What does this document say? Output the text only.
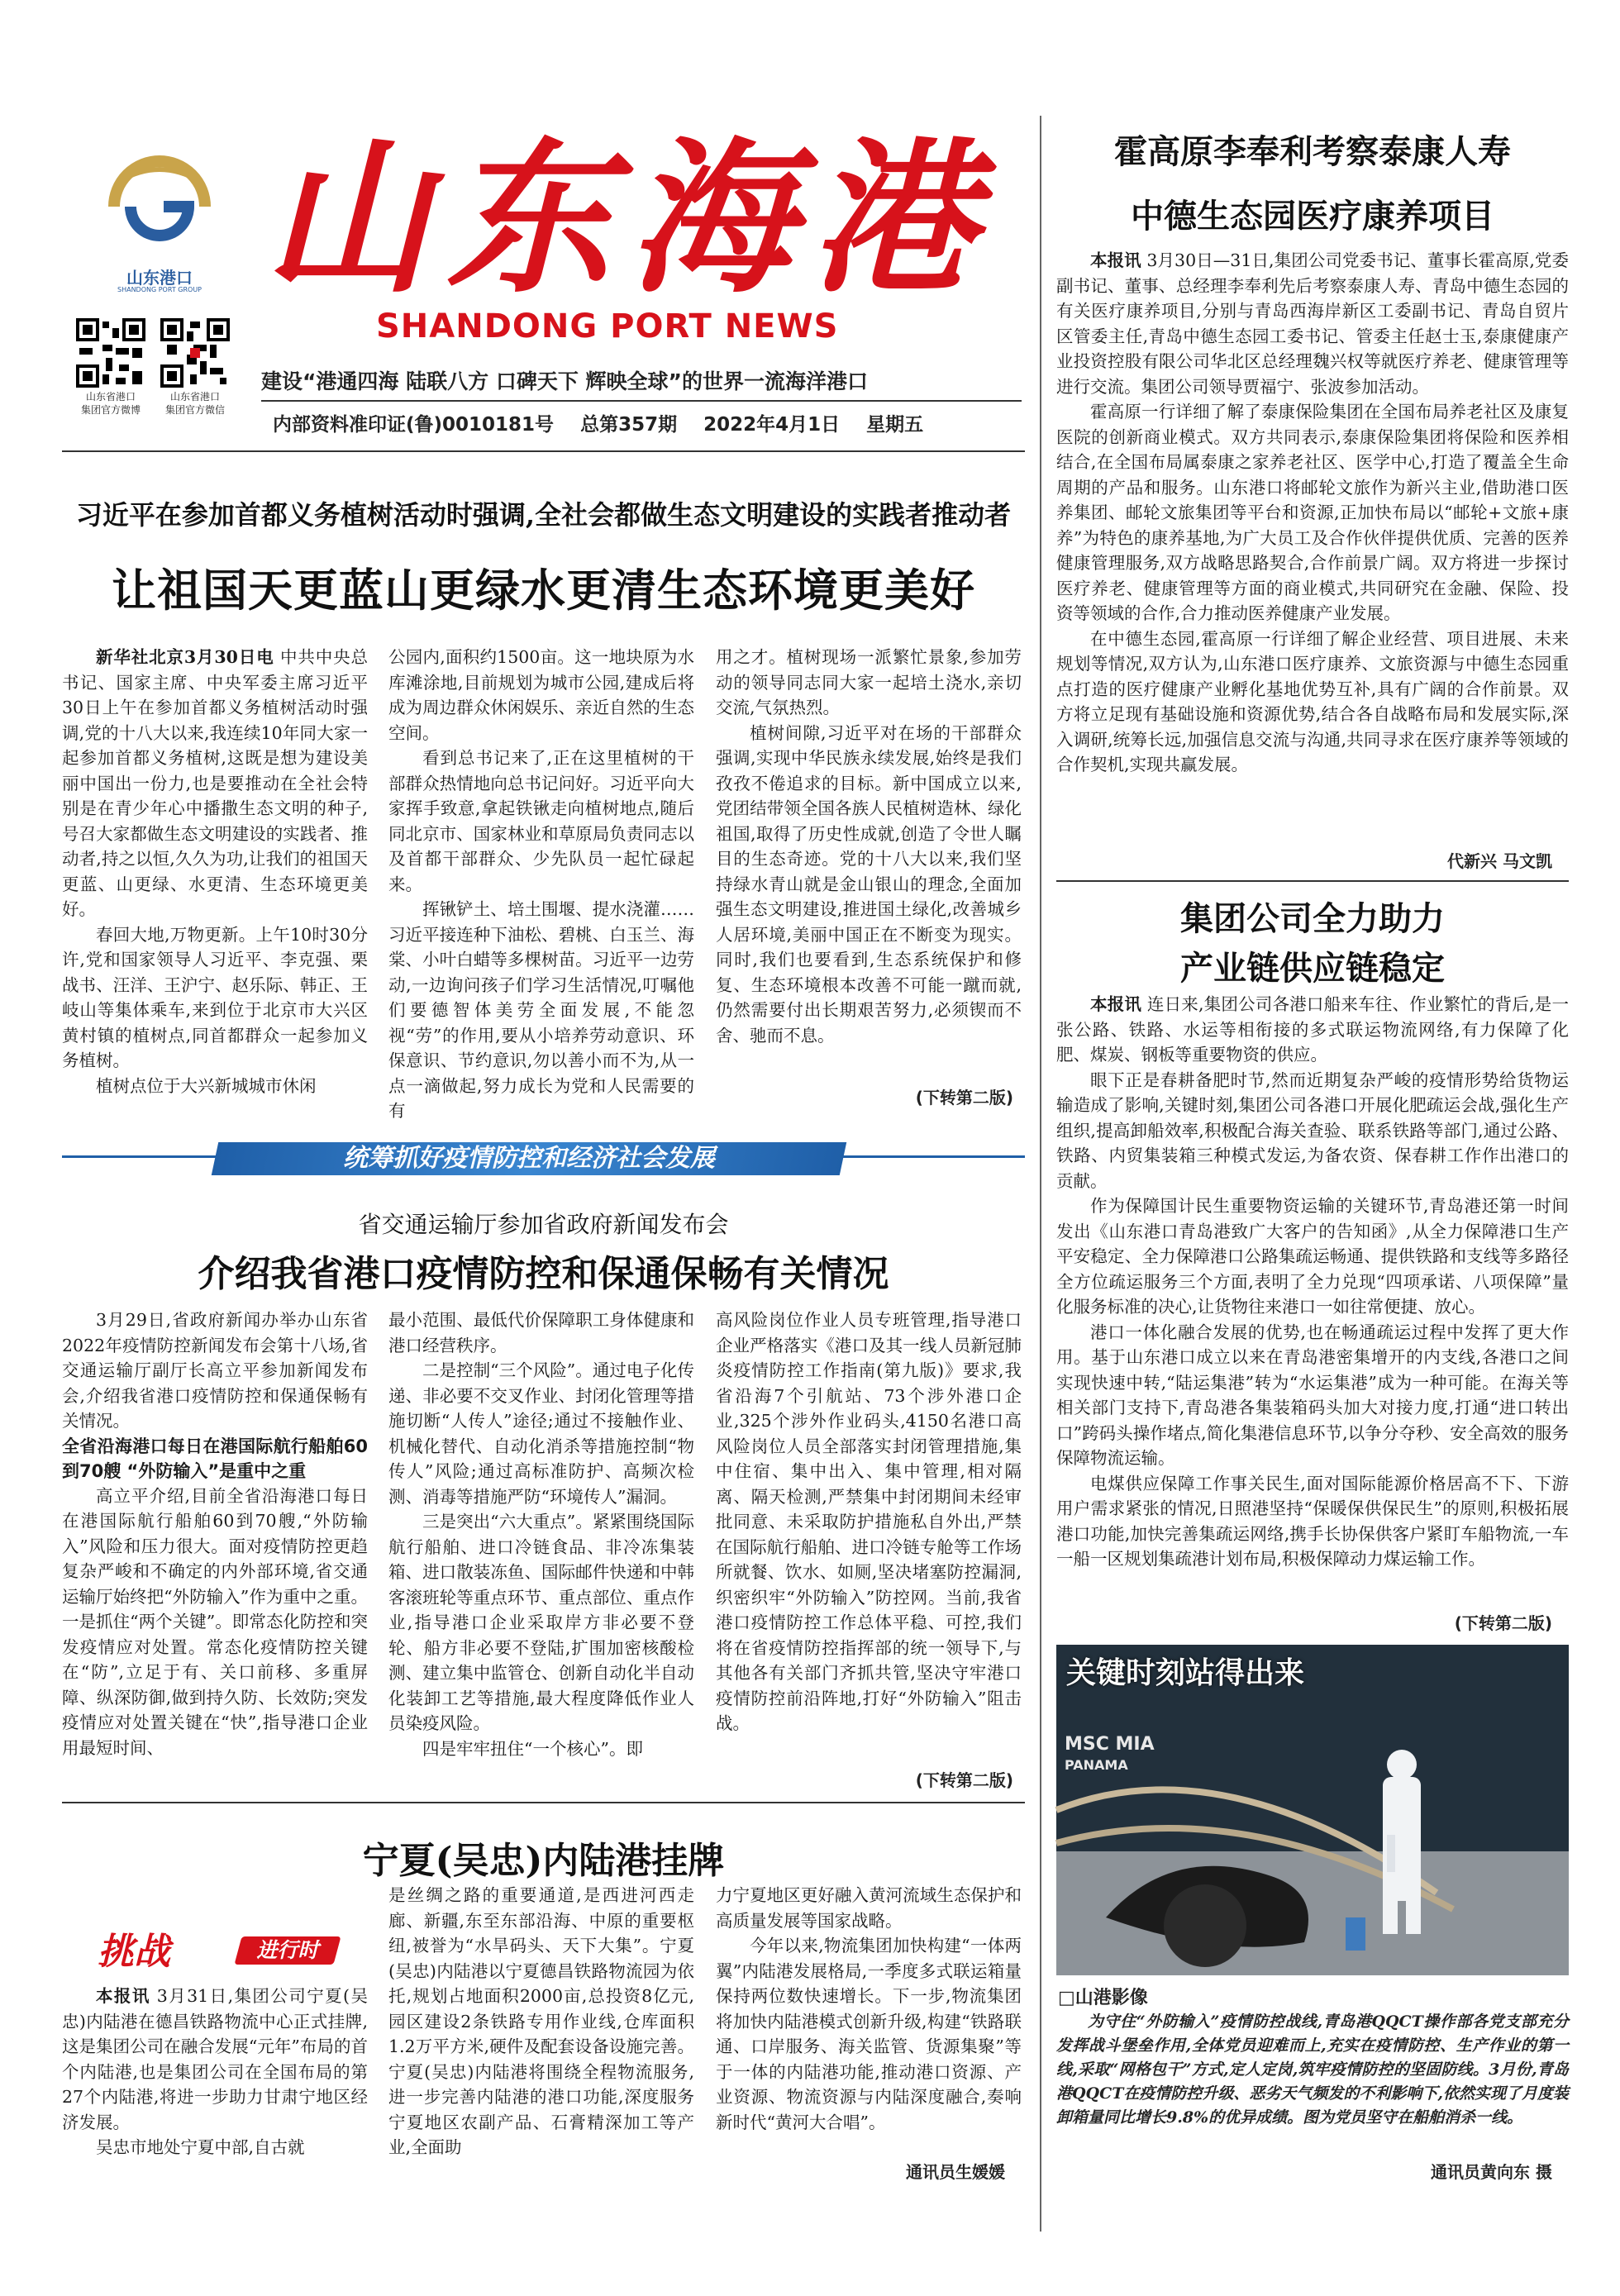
山东港口
SHANDONG PORT GROUP 山东海港
SHANDONG PORT NEWS
山东省港口
集团官方微博
山东省港口
集团官方微信
建设“港通四海 陆联八方 口碑天下 辉映全球”的世界一流海洋港口
内部资料准印证(鲁)0010181号    总第357期    2022年4月1日    星期五
习近平在参加首都义务植树活动时强调,全社会都做生态文明建设的实践者推动者
让祖国天更蓝山更绿水更清生态环境更美好

新华社北京3月30日电 中共中央总书记、国家主席、中央军委主席习近平30日上午在参加首都义务植树活动时强调,党的十八大以来,我连续10年同大家一起参加首都义务植树,这既是想为建设美丽中国出一份力,也是要推动在全社会特别是在青少年心中播撒生态文明的种子,号召大家都做生态文明建设的实践者、推动者,持之以恒,久久为功,让我们的祖国天更蓝、山更绿、水更清、生态环境更美好。

春回大地,万物更新。上午10时30分许,党和国家领导人习近平、李克强、栗战书、汪洋、王沪宁、赵乐际、韩正、王岐山等集体乘车,来到位于北京市大兴区黄村镇的植树点,同首都群众一起参加义务植树。

植树点位于大兴新城城市休闲

公园内,面积约1500亩。这一地块原为水库滩涂地,目前规划为城市公园,建成后将成为周边群众休闲娱乐、亲近自然的生态空间。

看到总书记来了,正在这里植树的干部群众热情地向总书记问好。习近平向大家挥手致意,拿起铁锹走向植树地点,随后同北京市、国家林业和草原局负责同志以及首都干部群众、少先队员一起忙碌起来。

挥锹铲土、培土围堰、提水浇灌……习近平接连种下油松、碧桃、白玉兰、海棠、小叶白蜡等多棵树苗。习近平一边劳动,一边询问孩子们学习生活情况,叮嘱他们要德智体美劳全面发展,不能忽视“劳”的作用,要从小培养劳动意识、环保意识、节约意识,勿以善小而不为,从一点一滴做起,努力成长为党和人民需要的有

用之才。植树现场一派繁忙景象,参加劳动的领导同志同大家一起培土浇水,亲切交流,气氛热烈。

植树间隙,习近平对在场的干部群众强调,实现中华民族永续发展,始终是我们孜孜不倦追求的目标。新中国成立以来,党团结带领全国各族人民植树造林、绿化祖国,取得了历史性成就,创造了令世人瞩目的生态奇迹。党的十八大以来,我们坚持绿水青山就是金山银山的理念,全面加强生态文明建设,推进国土绿化,改善城乡人居环境,美丽中国正在不断变为现实。同时,我们也要看到,生态系统保护和修复、生态环境根本改善不可能一蹴而就,仍然需要付出长期艰苦努力,必须锲而不舍、驰而不息。

(下转第二版)
统筹抓好疫情防控和经济社会发展
省交通运输厅参加省政府新闻发布会
介绍我省港口疫情防控和保通保畅有关情况

3月29日,省政府新闻办举办山东省2022年疫情防控新闻发布会第十八场,省交通运输厅副厅长高立平参加新闻发布会,介绍我省港口疫情防控和保通保畅有关情况。

全省沿海港口每日在港国际航行船舶60到70艘 “外防输入”是重中之重

高立平介绍,目前全省沿海港口每日在港国际航行船舶60到70艘,“外防输入”风险和压力很大。面对疫情防控更趋复杂严峻和不确定的内外部环境,省交通运输厅始终把“外防输入”作为重中之重。一是抓住“两个关键”。即常态化防控和突发疫情应对处置。常态化疫情防控关键在“防”,立足于有、关口前移、多重屏障、纵深防御,做到持久防、长效防;突发疫情应对处置关键在“快”,指导港口企业用最短时间、

最小范围、最低代价保障职工身体健康和港口经营秩序。

二是控制“三个风险”。通过电子化传递、非必要不交叉作业、封闭化管理等措施切断“人传人”途径;通过不接触作业、机械化替代、自动化消杀等措施控制“物传人”风险;通过高标准防护、高频次检测、消毒等措施严防“环境传人”漏洞。

三是突出“六大重点”。紧紧围绕国际航行船舶、进口冷链食品、非冷冻集装箱、进口散装冻鱼、国际邮件快递和中韩客滚班轮等重点环节、重点部位、重点作业,指导港口企业采取岸方非必要不登轮、船方非必要不登陆,扩围加密核酸检测、建立集中监管仓、创新自动化半自动化装卸工艺等措施,最大程度降低作业人员染疫风险。

四是牢牢扭住“一个核心”。即

高风险岗位作业人员专班管理,指导港口企业严格落实《港口及其一线人员新冠肺炎疫情防控工作指南(第九版)》要求,我省沿海7个引航站、73个涉外港口企业,325个涉外作业码头,4150名港口高风险岗位人员全部落实封闭管理措施,集中住宿、集中出入、集中管理,相对隔离、隔天检测,严禁集中封闭期间未经审批同意、未采取防护措施私自外出,严禁在国际航行船舶、进口冷链专舱等工作场所就餐、饮水、如厕,坚决堵塞防控漏洞,织密织牢“外防输入”防控网。当前,我省港口疫情防控工作总体平稳、可控,我们将在省疫情防控指挥部的统一领导下,与其他各有关部门齐抓共管,坚决守牢港口疫情防控前沿阵地,打好“外防输入”阻击战。

(下转第二版)
宁夏(吴忠)内陆港挂牌
挑战	进行时

本报讯 3月31日,集团公司宁夏(吴忠)内陆港在德昌铁路物流中心正式挂牌,这是集团公司在融合发展“元年”布局的首个内陆港,也是集团公司在全国布局的第27个内陆港,将进一步助力甘肃宁地区经济发展。

吴忠市地处宁夏中部,自古就

是丝绸之路的重要通道,是西进河西走廊、新疆,东至东部沿海、中原的重要枢纽,被誉为“水旱码头、天下大集”。宁夏(吴忠)内陆港以宁夏德昌铁路物流园为依托,规划占地面积2000亩,总投资8亿元,园区建设2条铁路专用作业线,仓库面积1.2万平方米,硬件及配套设备设施完善。宁夏(吴忠)内陆港将围绕全程物流服务,进一步完善内陆港的港口功能,深度服务宁夏地区农副产品、石膏精深加工等产业,全面助

力宁夏地区更好融入黄河流域生态保护和高质量发展等国家战略。

今年以来,物流集团加快构建“一体两翼”内陆港发展格局,一季度多式联运箱量保持两位数快速增长。下一步,物流集团将加快内陆港模式创新升级,构建“铁路联通、口岸服务、海关监管、货源集聚”等于一体的内陆港功能,推动港口资源、产业资源、物流资源与内陆深度融合,奏响新时代“黄河大合唱”。

通讯员生媛媛
霍高原李奉利考察泰康人寿
中德生态园医疗康养项目

本报讯 3月30日—31日,集团公司党委书记、董事长霍高原,党委副书记、董事、总经理李奉利先后考察泰康人寿、青岛中德生态园的有关医疗康养项目,分别与青岛西海岸新区工委副书记、青岛自贸片区管委主任,青岛中德生态园工委书记、管委主任赵士玉,泰康健康产业投资控股有限公司华北区总经理魏兴权等就医疗养老、健康管理等进行交流。集团公司领导贾福宁、张波参加活动。

霍高原一行详细了解了泰康保险集团在全国布局养老社区及康复医院的创新商业模式。双方共同表示,泰康保险集团将保险和医养相结合,在全国布局属泰康之家养老社区、医学中心,打造了覆盖全生命周期的产品和服务。山东港口将邮轮文旅作为新兴主业,借助港口医养集团、邮轮文旅集团等平台和资源,正加快布局以“邮轮+文旅+康养”为特色的康养基地,为广大员工及合作伙伴提供优质、完善的医养健康管理服务,双方战略思路契合,合作前景广阔。双方将进一步探讨医疗养老、健康管理等方面的商业模式,共同研究在金融、保险、投资等领域的合作,合力推动医养健康产业发展。

在中德生态园,霍高原一行详细了解企业经营、项目进展、未来规划等情况,双方认为,山东港口医疗康养、文旅资源与中德生态园重点打造的医疗健康产业孵化基地优势互补,具有广阔的合作前景。双方将立足现有基础设施和资源优势,结合各自战略布局和发展实际,深入调研,统筹长远,加强信息交流与沟通,共同寻求在医疗康养等领域的合作契机,实现共赢发展。

代新兴 马文凯
集团公司全力助力
产业链供应链稳定

本报讯 连日来,集团公司各港口船来车往、作业繁忙的背后,是一张公路、铁路、水运等相衔接的多式联运物流网络,有力保障了化肥、煤炭、钢板等重要物资的供应。

眼下正是春耕备肥时节,然而近期复杂严峻的疫情形势给货物运输造成了影响,关键时刻,集团公司各港口开展化肥疏运会战,强化生产组织,提高卸船效率,积极配合海关查验、联系铁路等部门,通过公路、铁路、内贸集装箱三种模式发运,为备农资、保春耕工作作出港口的贡献。

作为保障国计民生重要物资运输的关键环节,青岛港还第一时间发出《山东港口青岛港致广大客户的告知函》,从全力保障港口生产平安稳定、全力保障港口公路集疏运畅通、提供铁路和支线等多路径全方位疏运服务三个方面,表明了全力兑现“四项承诺、八项保障”量化服务标准的决心,让货物往来港口一如往常便捷、放心。

港口一体化融合发展的优势,也在畅通疏运过程中发挥了更大作用。基于山东港口成立以来在青岛港密集增开的内支线,各港口之间实现快速中转,“陆运集港”转为“水运集港”成为一种可能。在海关等相关部门支持下,青岛港各集装箱码头加大对接力度,打通“进口转出口”跨码头操作堵点,简化集港信息环节,以争分夺秒、安全高效的服务保障物流运输。

电煤供应保障工作事关民生,面对国际能源价格居高不下、下游用户需求紧张的情况,日照港坚持“保暖保供保民生”的原则,积极拓展港口功能,加快完善集疏运网络,携手长协保供客户紧盯车船物流,一车一船一区规划集疏港计划布局,积极保障动力煤运输工作。

(下转第二版)
关键时刻站得出来
MSC MIA
PANAMA
□山港影像
为守住“外防输入”疫情防控战线,青岛港QQCT操作部各党支部充分发挥战斗堡垒作用,全体党员迎难而上,充实在疫情防控、生产作业的第一线,采取“网格包干”方式,定人定岗,筑牢疫情防控的坚固防线。3月份,青岛港QQCT在疫情防控升级、恶劣天气频发的不利影响下,依然实现了月度装卸箱量同比增长9.8%的优异成绩。图为党员坚守在船舶消杀一线。
通讯员黄向东 摄
